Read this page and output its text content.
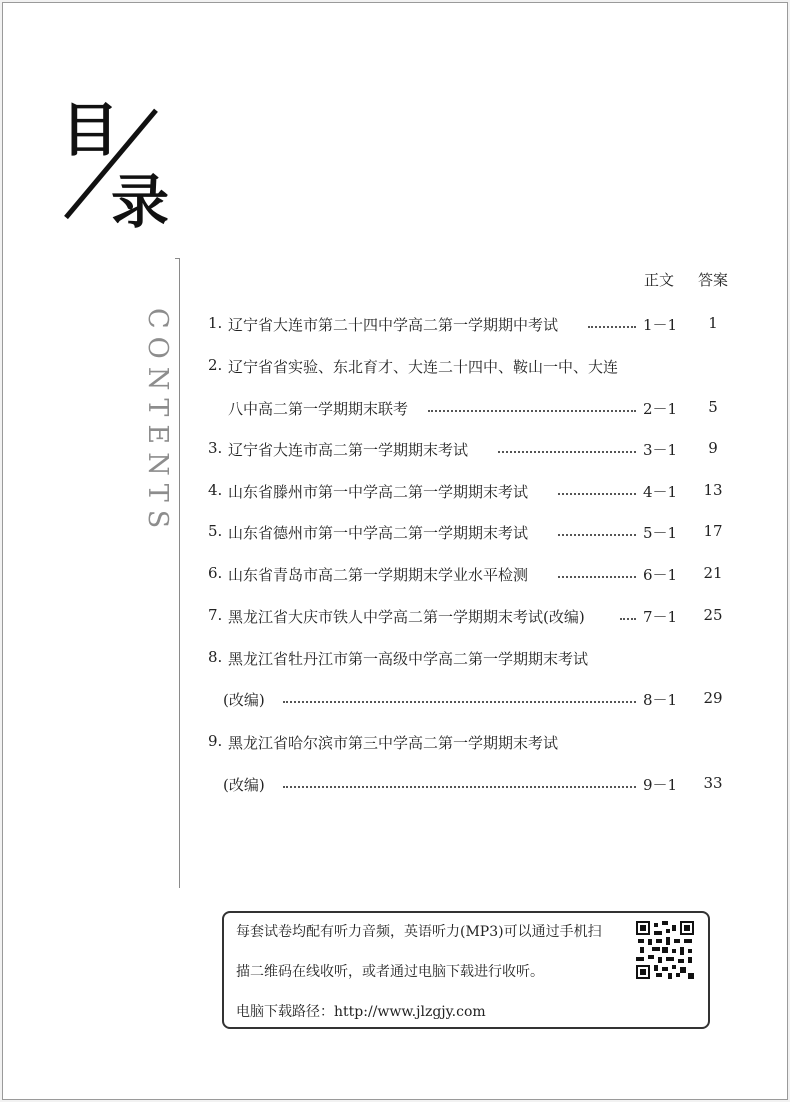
目
录
CONTENTS
正文 答案
1. 辽宁省大连市第二十四中学高二第一学期期中考试	1－1	1
2. 辽宁省省实验、东北育才、大连二十四中、鞍山一中、大连
八中高二第一学期期末联考	2－1	5
3. 辽宁省大连市高二第一学期期末考试	3－1	9
4. 山东省滕州市第一中学高二第一学期期末考试	4－1	13
5. 山东省德州市第一中学高二第一学期期末考试	5－1	17
6. 山东省青岛市高二第一学期期末学业水平检测	6－1	21
7. 黑龙江省大庆市铁人中学高二第一学期期末考试(改编)	7－1	25
8. 黑龙江省牡丹江市第一高级中学高二第一学期期末考试
(改编)	8－1	29
9. 黑龙江省哈尔滨市第三中学高二第一学期期末考试
(改编)	9－1	33
每套试卷均配有听力音频，英语听力(MP3)可以通过手机扫
描二维码在线收听，或者通过电脑下载进行收听。
电脑下载路径：http://www.jlzgjy.com
